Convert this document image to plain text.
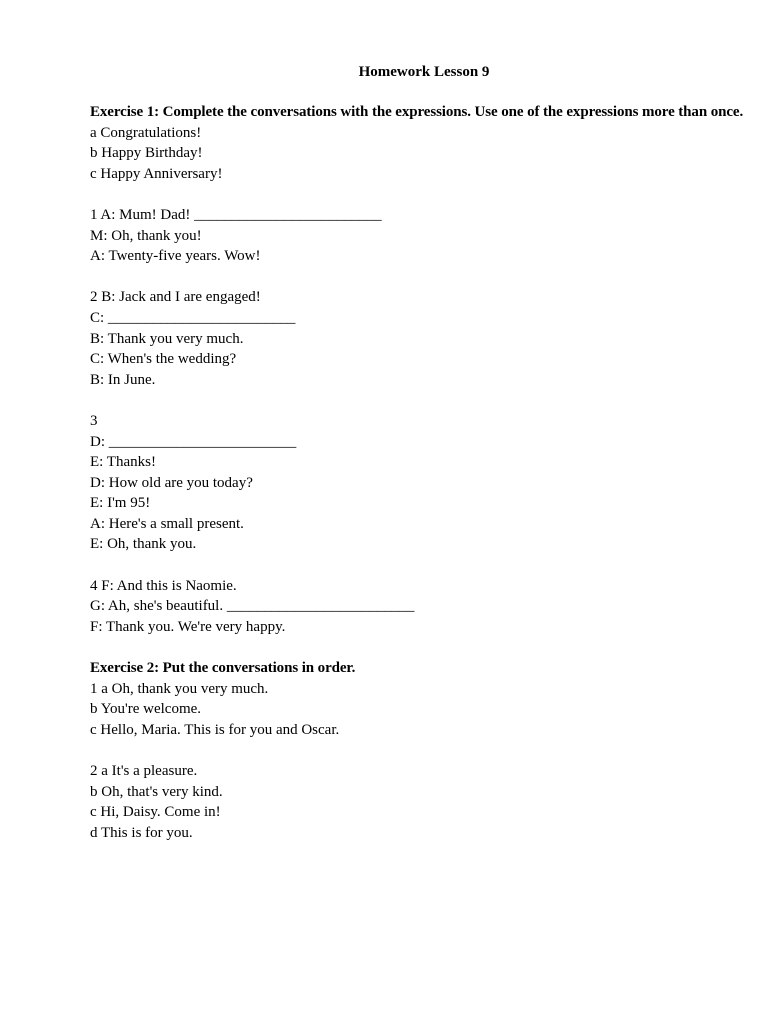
Homework Lesson 9
Exercise 1: Complete the conversations with the expressions. Use one of the expressions more than once.
a Congratulations!
b Happy Birthday!
c Happy Anniversary!
1 A: Mum! Dad! _________________________
M: Oh, thank you!
A: Twenty-five years. Wow!
2 B: Jack and I are engaged!
C: _________________________
B: Thank you very much.
C: When's the wedding?
B: In June.
3
D: _________________________
E: Thanks!
D: How old are you today?
E: I'm 95!
A: Here's a small present.
E: Oh, thank you.
4 F: And this is Naomie.
G: Ah, she's beautiful. _________________________
F: Thank you. We're very happy.
Exercise 2: Put the conversations in order.
1 a Oh, thank you very much.
b You're welcome.
c Hello, Maria. This is for you and Oscar.
2 a It's a pleasure.
b Oh, that's very kind.
c Hi, Daisy. Come in!
d This is for you.
